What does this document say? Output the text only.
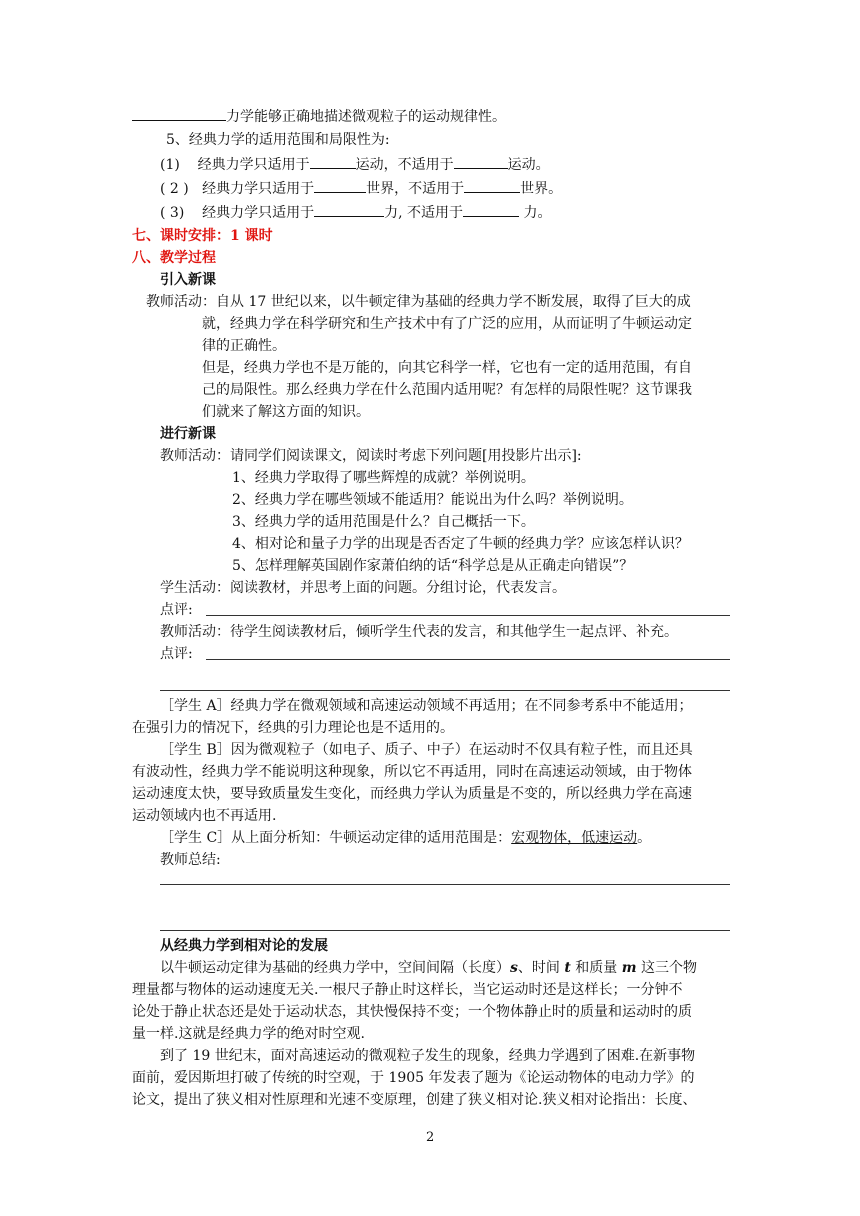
力学能够正确地描述微观粒子的运动规律性。
5、经典力学的适用范围和局限性为:
(1) 经典力学只适用于	运动，不适用于	运动。
( 2 ) 经典力学只适用于	世界，不适用于	世界。
( 3) 经典力学只适用于	力, 不适用于	力。
七、课时安排：1 课时
八、教学过程
引入新课
教师活动：自从 17 世纪以来，以牛顿定律为基础的经典力学不断发展，取得了巨大的成
就，经典力学在科学研究和生产技术中有了广泛的应用，从而证明了牛顿运动定
律的正确性。
但是，经典力学也不是万能的，向其它科学一样，它也有一定的适用范围，有自
己的局限性。那么经典力学在什么范围内适用呢？有怎样的局限性呢？这节课我
们就来了解这方面的知识。
进行新课
教师活动：请同学们阅读课文，阅读时考虑下列问题[用投影片出示]:
1、经典力学取得了哪些辉煌的成就？举例说明。
2、经典力学在哪些领域不能适用？能说出为什么吗？举例说明。
3、经典力学的适用范围是什么？自己概括一下。
4、相对论和量子力学的出现是否否定了牛顿的经典力学？应该怎样认识？
5、怎样理解英国剧作家萧伯纳的话“科学总是从正确走向错误”？
学生活动：阅读教材，并思考上面的问题。分组讨论，代表发言。
点评:
教师活动：待学生阅读教材后，倾听学生代表的发言，和其他学生一起点评、补充。
点评:
［学生 A］经典力学在微观领域和高速运动领域不再适用；在不同参考系中不能适用；
在强引力的情况下，经典的引力理论也是不适用的。
［学生 B］因为微观粒子（如电子、质子、中子）在运动时不仅具有粒子性，而且还具
有波动性，经典力学不能说明这种现象，所以它不再适用，同时在高速运动领域，由于物体
运动速度太快，要导致质量发生变化，而经典力学认为质量是不变的，所以经典力学在高速
运动领域内也不再适用.
［学生 C］从上面分析知：牛顿运动定律的适用范围是：宏观物体，低速运动。
教师总结:
从经典力学到相对论的发展
以牛顿运动定律为基础的经典力学中，空间间隔（长度）s、时间 t 和质量 m 这三个物
理量都与物体的运动速度无关.一根尺子静止时这样长，当它运动时还是这样长；一分钟不
论处于静止状态还是处于运动状态，其快慢保持不变；一个物体静止时的质量和运动时的质
量一样.这就是经典力学的绝对时空观.
到了 19 世纪末，面对高速运动的微观粒子发生的现象，经典力学遇到了困难.在新事物
面前，爱因斯坦打破了传统的时空观，于 1905 年发表了题为《论运动物体的电动力学》的
论文，提出了狭义相对性原理和光速不变原理，创建了狭义相对论.狭义相对论指出：长度、
2
